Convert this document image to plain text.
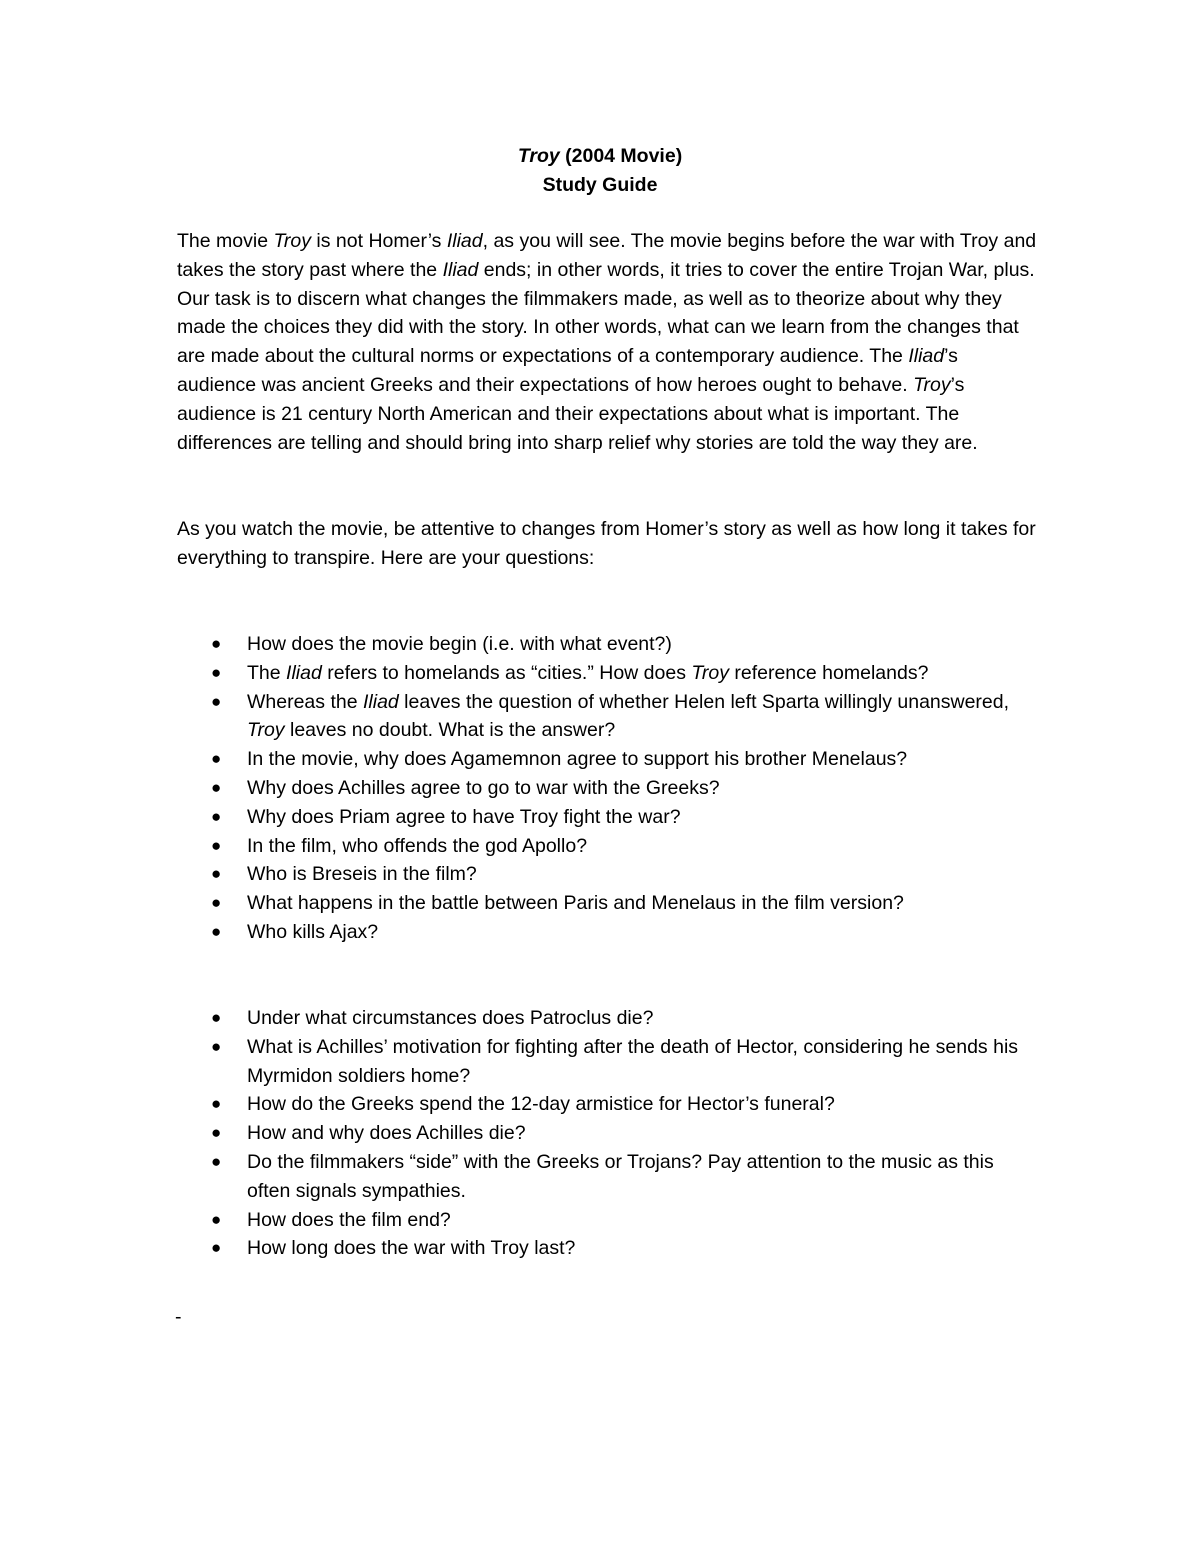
Troy (2004 Movie)
Study Guide
The movie Troy is not Homer’s Iliad, as you will see. The movie begins before the war with Troy and takes the story past where the Iliad ends; in other words, it tries to cover the entire Trojan War, plus. Our task is to discern what changes the filmmakers made, as well as to theorize about why they made the choices they did with the story. In other words, what can we learn from the changes that are made about the cultural norms or expectations of a contemporary audience. The Iliad’s audience was ancient Greeks and their expectations of how heroes ought to behave. Troy’s audience is 21 century North American and their expectations about what is important. The differences are telling and should bring into sharp relief why stories are told the way they are.
As you watch the movie, be attentive to changes from Homer’s story as well as how long it takes for everything to transpire. Here are your questions:
● How does the movie begin (i.e. with what event?)
● The Iliad refers to homelands as “cities.” How does Troy reference homelands?
● Whereas the Iliad leaves the question of whether Helen left Sparta willingly unanswered, Troy leaves no doubt. What is the answer?
● In the movie, why does Agamemnon agree to support his brother Menelaus?
● Why does Achilles agree to go to war with the Greeks?
● Why does Priam agree to have Troy fight the war?
● In the film, who offends the god Apollo?
● Who is Breseis in the film?
● What happens in the battle between Paris and Menelaus in the film version?
● Who kills Ajax?
● Under what circumstances does Patroclus die?
● What is Achilles’ motivation for fighting after the death of Hector, considering he sends his Myrmidon soldiers home?
● How do the Greeks spend the 12-day armistice for Hector’s funeral?
● How and why does Achilles die?
● Do the filmmakers “side” with the Greeks or Trojans? Pay attention to the music as this often signals sympathies.
● How does the film end?
● How long does the war with Troy last?
-
